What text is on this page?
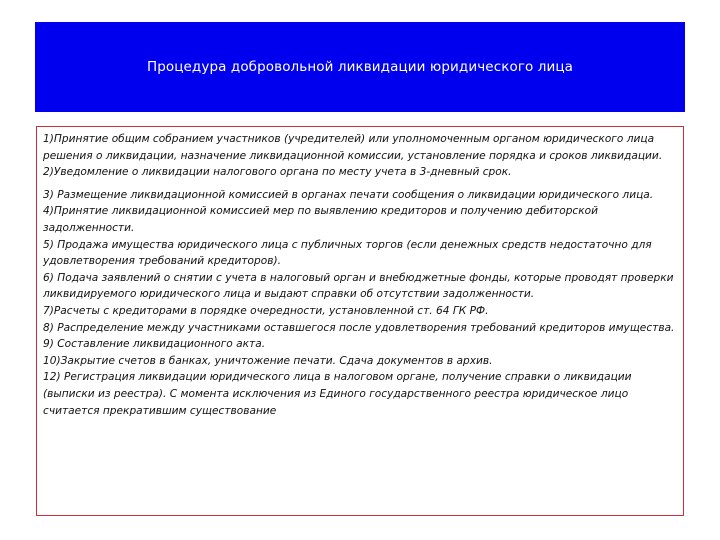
Процедура добровольной ликвидации юридического лица

1)Принятие общим собранием участников (учредителей) или уполномоченным органом юридического лица решения о ликвидации, назначение ликвидационной комиссии, установление порядка и сроков ликвидации.

2)Уведомление о ликвидации налогового органа по месту учета в 3-дневный срок.

3) Размещение ликвидационной комиссией в органах печати сообщения о ликвидации юридического лица.

4)Принятие ликвидационной комиссией мер по выявлению кредиторов и получению дебиторской задолженности.

5) Продажа имущества юридического лица с публичных торгов (если денежных средств недостаточно для удовлетворения требований кредиторов).

6) Подача заявлений о снятии с учета в налоговый орган и внебюджетные фонды, которые проводят проверки ликвидируемого юридического лица и выдают справки об отсутствии задолженности.

7)Расчеты с кредиторами в порядке очередности, установленной ст. 64 ГК РФ.

8) Распределение между участниками оставшегося после удовлетворения требований кредиторов имущества.

9) Составление ликвидационного акта.

10)Закрытие счетов в банках, уничтожение печати. Сдача документов в архив.

12) Регистрация ликвидации юридического лица в налоговом органе, получение справки о ликвидации (выписки из реестра). С момента исключения из Единого государственного реестра юридическое лицо считается прекратившим существование
